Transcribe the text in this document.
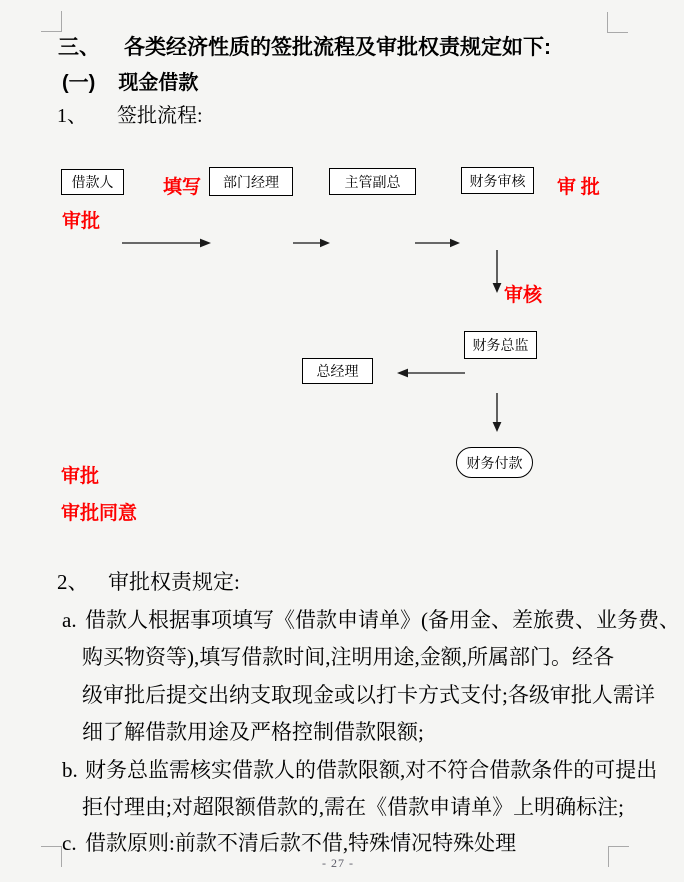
三、 各类经济性质的签批流程及审批权责规定如下:
(一) 现金借款
1、 签批流程:
借款人	部门经理	主管副总	财务审核
财务总监
总经理
财务付款
填写	审 批
审批
审核
审批
审批同意
2、 审批权责规定:
a. 借款人根据事项填写《借款申请单》(备用金、差旅费、业务费、
购买物资等),填写借款时间,注明用途,金额,所属部门。经各
级审批后提交出纳支取现金或以打卡方式支付;各级审批人需详
细了解借款用途及严格控制借款限额;
b. 财务总监需核实借款人的借款限额,对不符合借款条件的可提出
拒付理由;对超限额借款的,需在《借款申请单》上明确标注;
c. 借款原则:前款不清后款不借,特殊情况特殊处理
- 27 -
